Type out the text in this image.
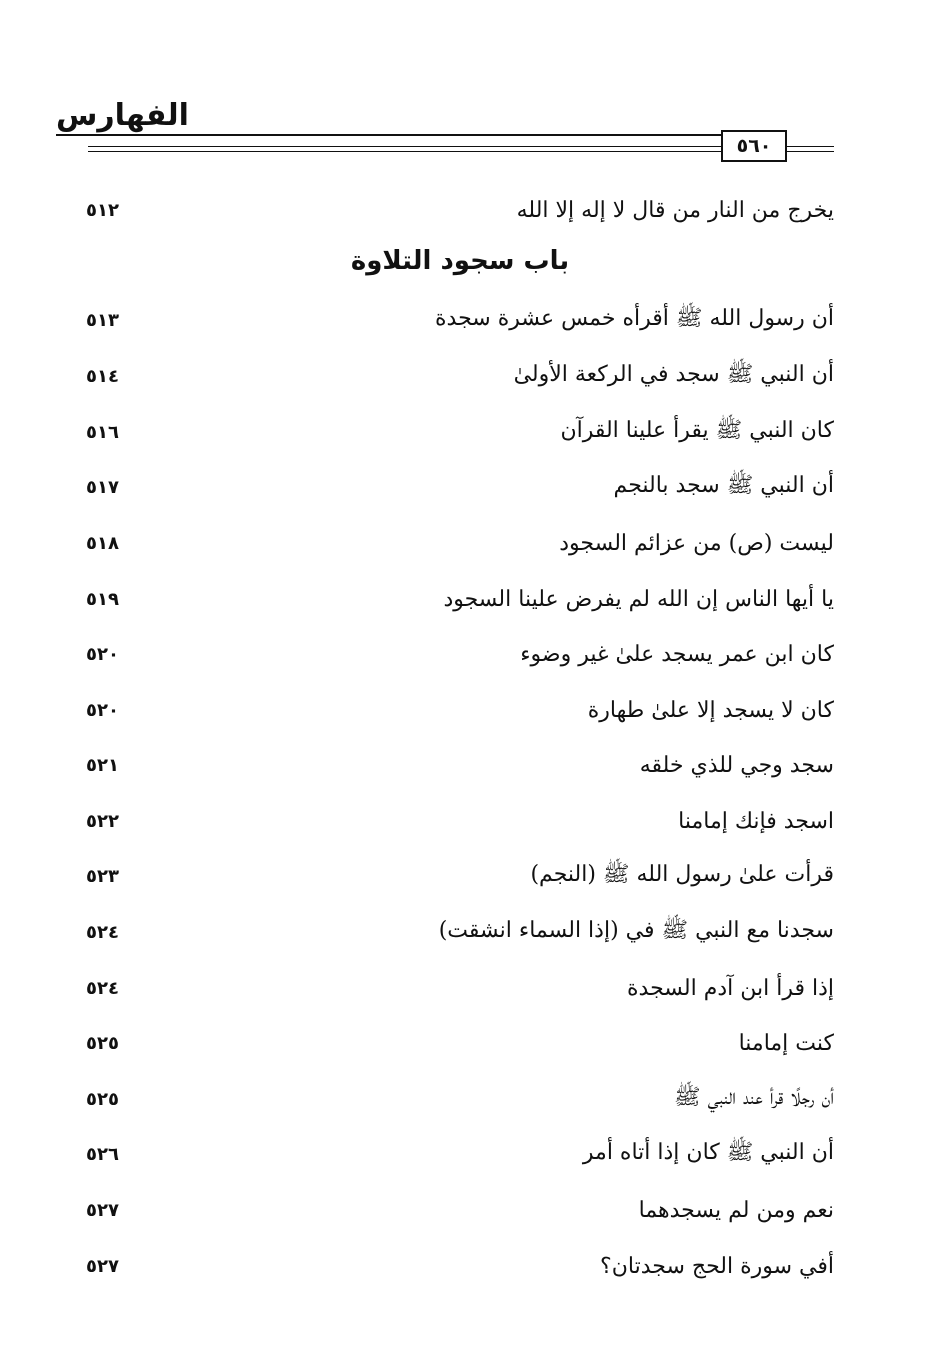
الفهارس
٥٦٠
يخرج من النار من قال لا إله إلا الله
٥١٢
باب سجود التلاوة
أن رسول الله ﷺ أقرأه خمس عشرة سجدة
٥١٣
أن النبي ﷺ سجد في الركعة الأولىٰ
٥١٤
كان النبي ﷺ يقرأ علينا القرآن
٥١٦
أن النبي ﷺ سجد بالنجم
٥١٧
ليست (ص) من عزائم السجود
٥١٨
يا أيها الناس إن الله لم يفرض علينا السجود
٥١٩
كان ابن عمر يسجد علىٰ غير وضوء
٥٢٠
كان لا يسجد إلا علىٰ طهارة
٥٢٠
سجد وجي للذي خلقه
٥٢١
اسجد فإنك إمامنا
٥٢٢
قرأت علىٰ رسول الله ﷺ (النجم)
٥٢٣
سجدنا مع النبي ﷺ في (إذا السماء انشقت)
٥٢٤
إذا قرأ ابن آدم السجدة
٥٢٤
كنت إمامنا
٥٢٥
أن رجلًا قرأ عند النبي ﷺ
٥٢٥
أن النبي ﷺ كان إذا أتاه أمر
٥٢٦
نعم ومن لم يسجدهما
٥٢٧
أفي سورة الحج سجدتان؟
٥٢٧
